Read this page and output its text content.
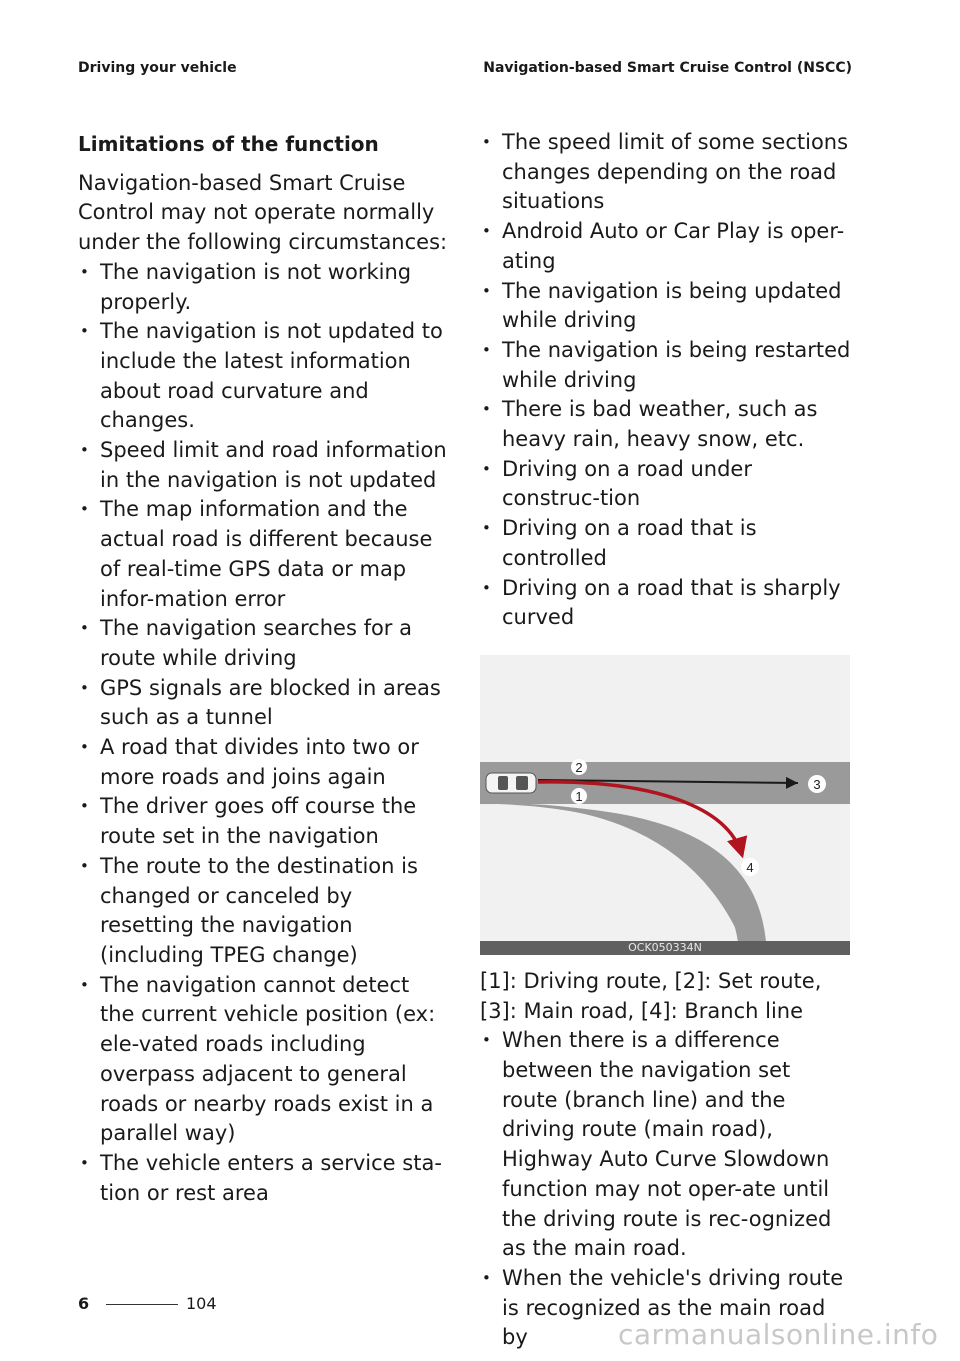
Driving your vehicle	Navigation-based Smart Cruise Control (NSCC)
Limitations of the function

Navigation-based Smart Cruise Control may not operate normally under the following circumstances:

• The navigation is not working properly.
• The navigation is not updated to include the latest information about road curvature and changes.
• Speed limit and road information in the navigation is not updated
• The map information and the actual road is different because of real-time GPS data or map infor-mation error
• The navigation searches for a route while driving
• GPS signals are blocked in areas such as a tunnel
• A road that divides into two or more roads and joins again
• The driver goes off course the route set in the navigation
• The route to the destination is changed or canceled by resetting the navigation (including TPEG change)
• The navigation cannot detect the current vehicle position (ex: ele-vated roads including overpass adjacent to general roads or nearby roads exist in a parallel way)
• The vehicle enters a service sta-tion or rest area
• The speed limit of some sections changes depending on the road situations
• Android Auto or Car Play is oper-ating
• The navigation is being updated while driving
• The navigation is being restarted while driving
• There is bad weather, such as heavy rain, heavy snow, etc.
• Driving on a road under construc-tion
• Driving on a road that is controlled
• Driving on a road that is sharply curved
2
1
3
4
OCK050334N

[1]: Driving route, [2]: Set route, [3]: Main road, [4]: Branch line

• When there is a difference between the navigation set route (branch line) and the driving route (main road), Highway Auto Curve Slowdown function may not oper-ate until the driving route is rec-ognized as the main road.
• When the vehicle's driving route is recognized as the main road by
6	104
carmanualsonline.info
